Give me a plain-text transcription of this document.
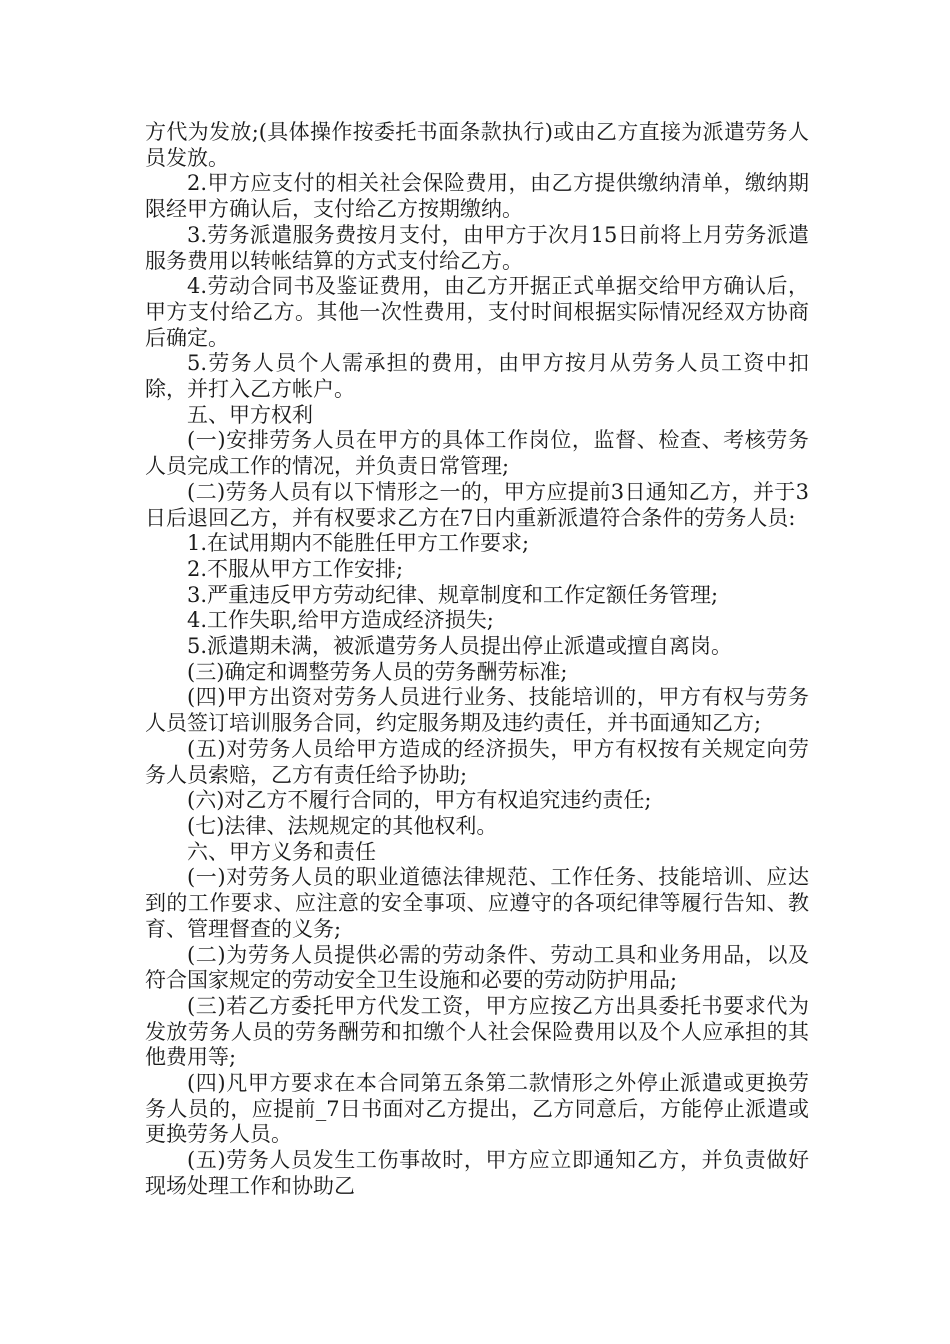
方代为发放;(具体操作按委托书面条款执行)或由乙方直接为派遣劳务人员发放。

2.甲方应支付的相关社会保险费用，由乙方提供缴纳清单，缴纳期限经甲方确认后，支付给乙方按期缴纳。

3.劳务派遣服务费按月支付，由甲方于次月15日前将上月劳务派遣服务费用以转帐结算的方式支付给乙方。

4.劳动合同书及鉴证费用，由乙方开据正式单据交给甲方确认后，甲方支付给乙方。其他一次性费用，支付时间根据实际情况经双方协商后确定。

5.劳务人员个人需承担的费用，由甲方按月从劳务人员工资中扣除，并打入乙方帐户。

五、甲方权利

(一)安排劳务人员在甲方的具体工作岗位，监督、检查、考核劳务人员完成工作的情况，并负责日常管理;

(二)劳务人员有以下情形之一的，甲方应提前3日通知乙方，并于3日后退回乙方，并有权要求乙方在7日内重新派遣符合条件的劳务人员:

1.在试用期内不能胜任甲方工作要求;

2.不服从甲方工作安排;

3.严重违反甲方劳动纪律、规章制度和工作定额任务管理;

4.工作失职,给甲方造成经济损失;

5.派遣期未满，被派遣劳务人员提出停止派遣或擅自离岗。

(三)确定和调整劳务人员的劳务酬劳标准;

(四)甲方出资对劳务人员进行业务、技能培训的，甲方有权与劳务人员签订培训服务合同，约定服务期及违约责任，并书面通知乙方;

(五)对劳务人员给甲方造成的经济损失，甲方有权按有关规定向劳务人员索赔，乙方有责任给予协助;

(六)对乙方不履行合同的，甲方有权追究违约责任;

(七)法律、法规规定的其他权利。

六、甲方义务和责任

(一)对劳务人员的职业道德法律规范、工作任务、技能培训、应达到的工作要求、应注意的安全事项、应遵守的各项纪律等履行告知、教育、管理督查的义务;

(二)为劳务人员提供必需的劳动条件、劳动工具和业务用品，以及符合国家规定的劳动安全卫生设施和必要的劳动防护用品;

(三)若乙方委托甲方代发工资，甲方应按乙方出具委托书要求代为发放劳务人员的劳务酬劳和扣缴个人社会保险费用以及个人应承担的其他费用等;

(四)凡甲方要求在本合同第五条第二款情形之外停止派遣或更换劳务人员的，应提前_7日书面对乙方提出，乙方同意后，方能停止派遣或更换劳务人员。

(五)劳务人员发生工伤事故时，甲方应立即通知乙方，并负责做好现场处理工作和协助乙
